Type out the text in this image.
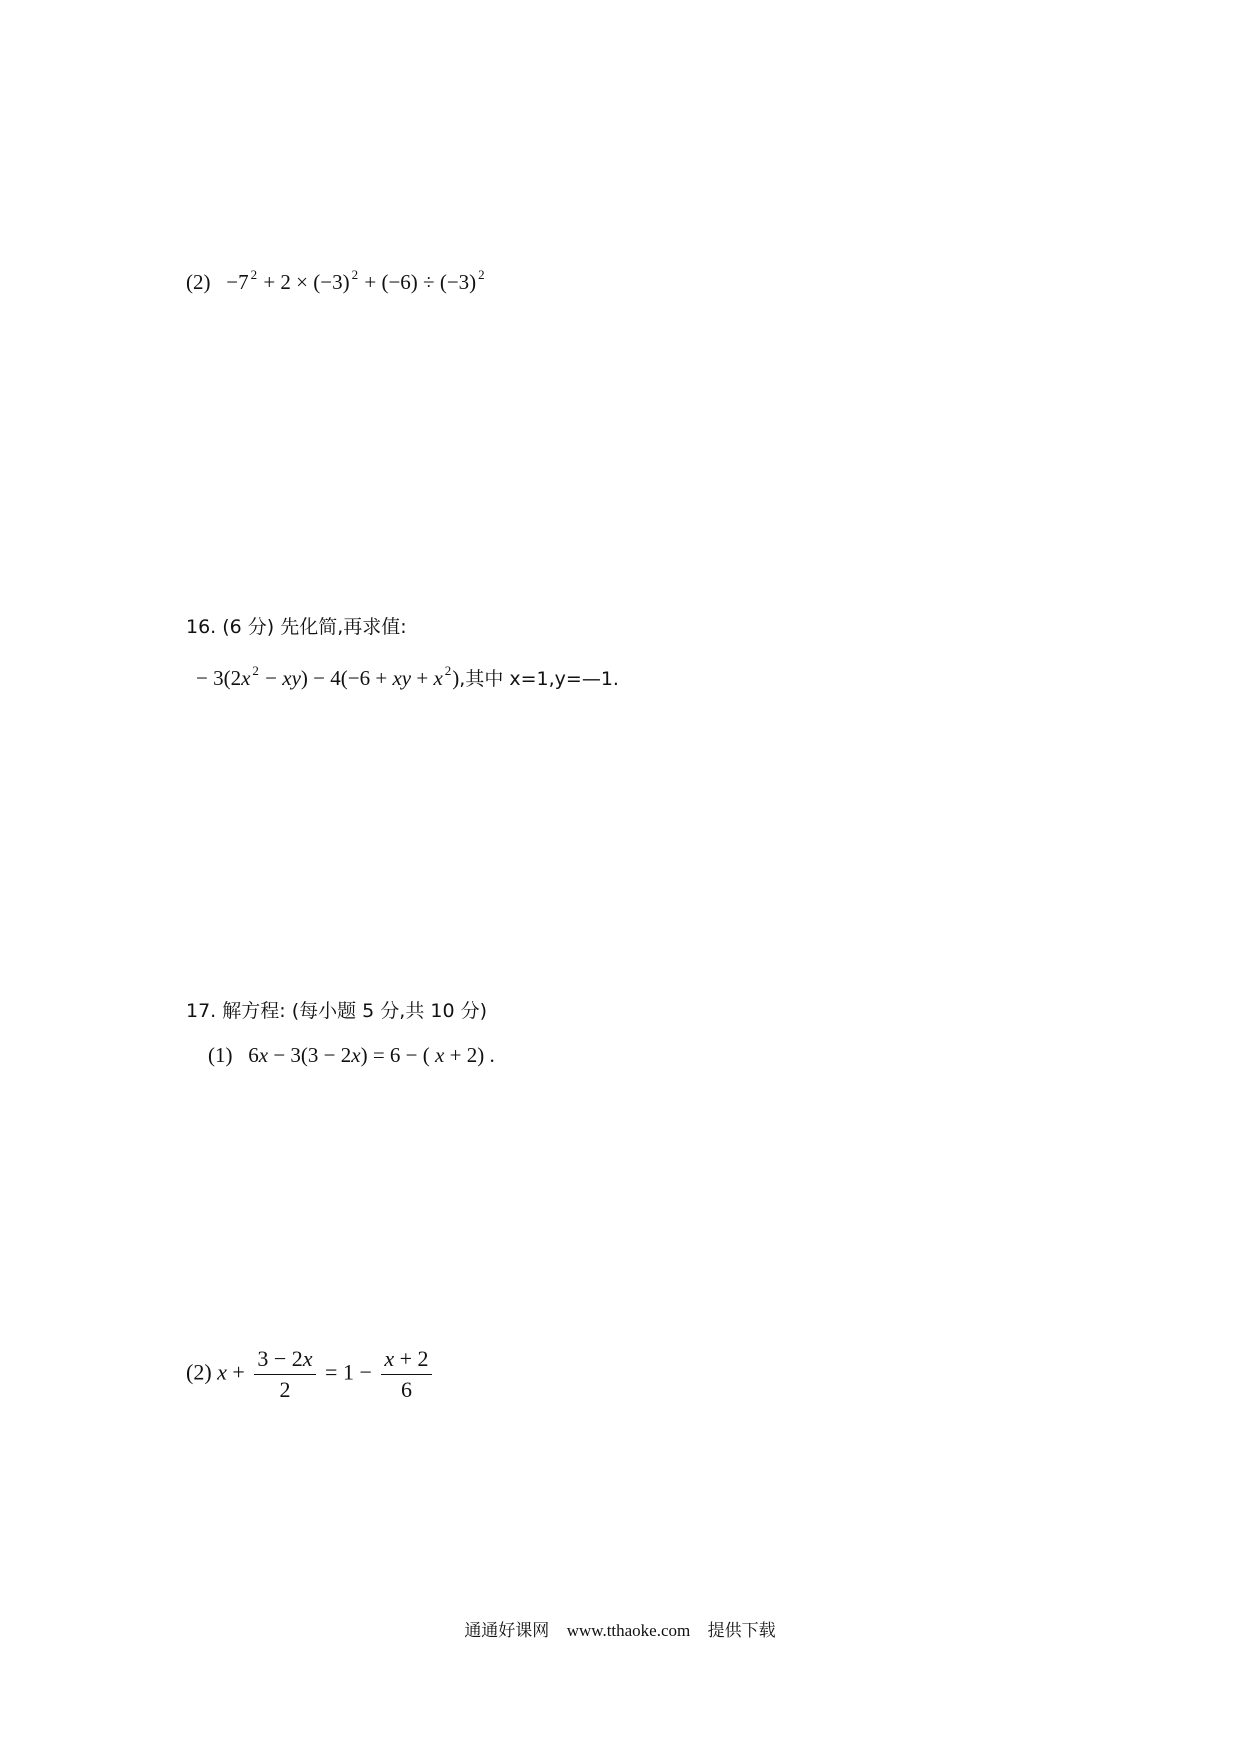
(2) −7 $^2$ + 2 × (−3) $^2$ + (−6) ÷ (−3) $^2$
16. (6 分) 先化简,再求值:
− 3(2x $^2$ − xy) − 4(−6 + xy + x $^2$),其中 x=1,y=—1.
17. 解方程: (每小题 5 分,共 10 分)
(1) 6x − 3(3 − 2x) = 6 − ( x + 2) .
(2) $x + \frac{3 - 2x}{2} = 1 - \frac{x + 2}{6}$
通通好课网 www.tthaoke.com 提供下载
